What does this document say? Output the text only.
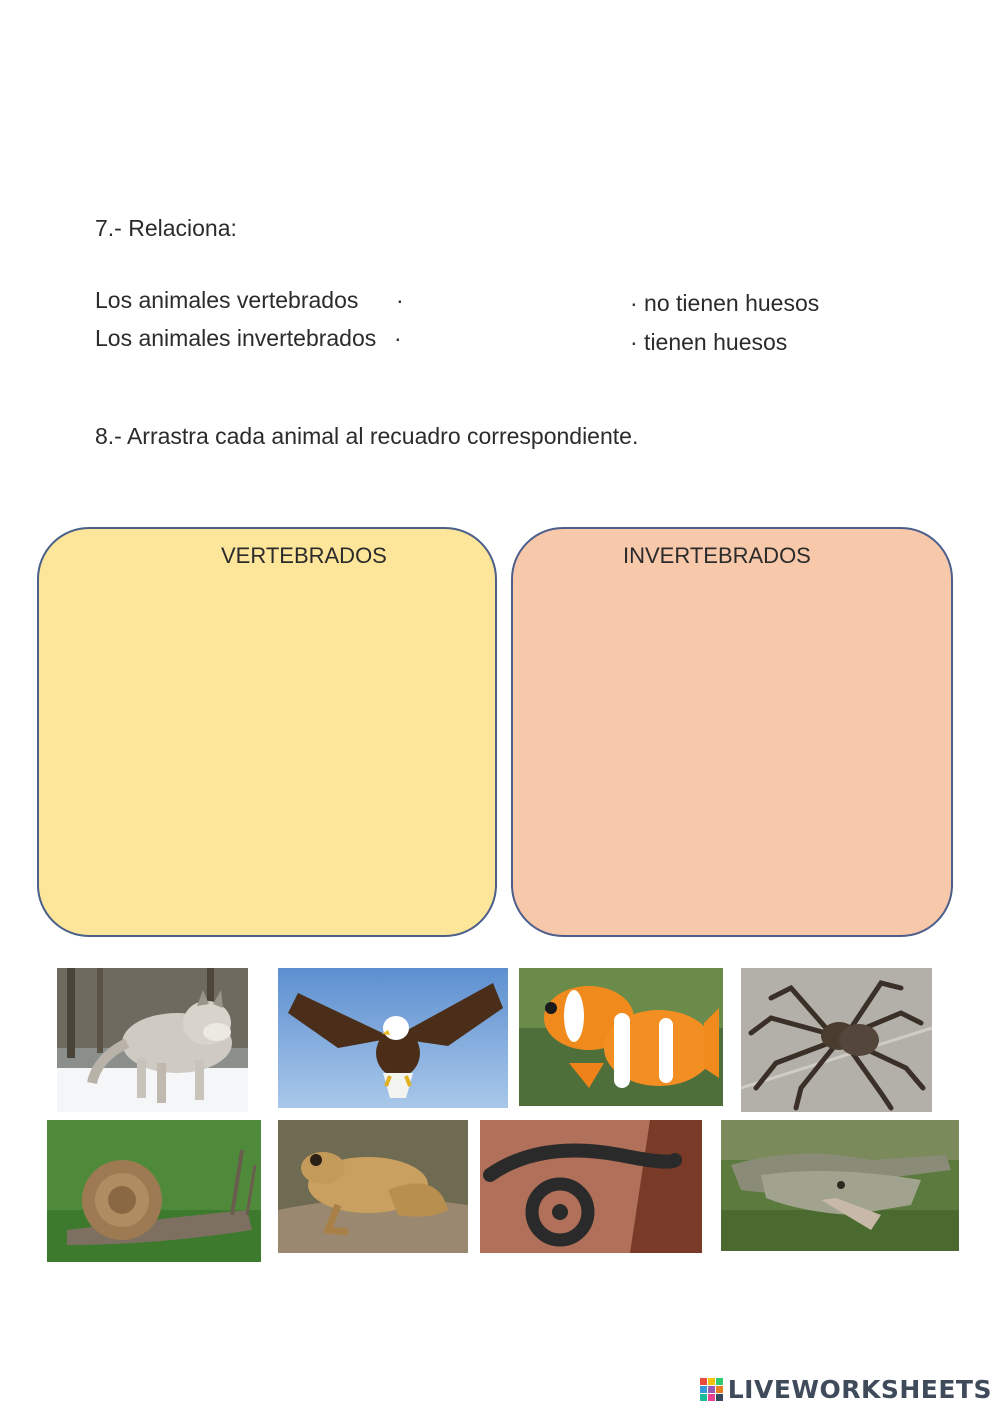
7.- Relaciona:
Los animales vertebrados ·
Los animales invertebrados ·
· no tienen huesos
· tienen huesos
8.- Arrastra cada animal al recuadro correspondiente.
VERTEBRADOS	INVERTEBRADOS
LIVEWORKSHEETS
